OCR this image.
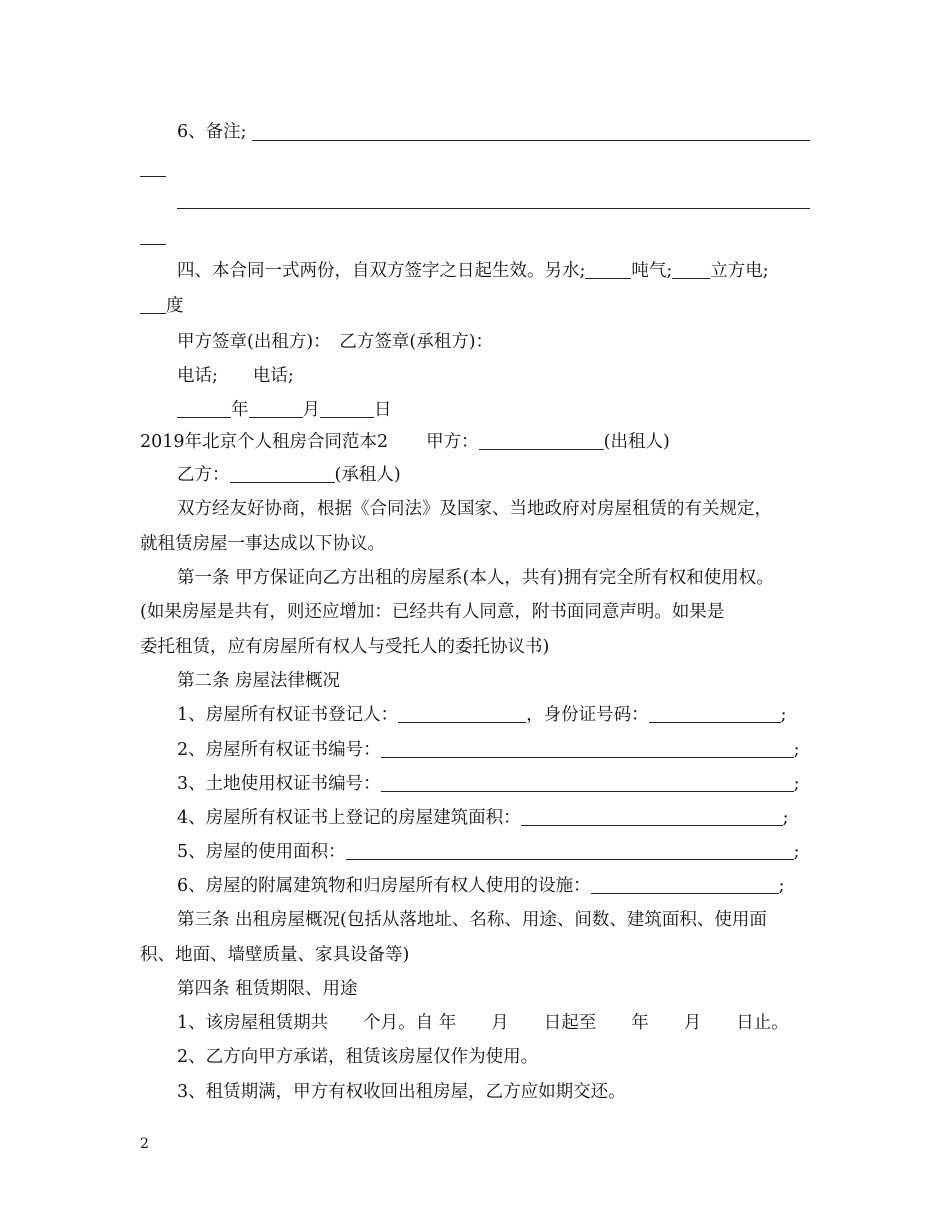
6、备注;
四、本合同一式两份，自双方签字之日起生效。另水;	吨气; 立方电;
度
甲方签章(出租方)：　乙方签章(承租方)：
电话;　　电话;
年	月	日
2019年北京个人租房合同范本2 甲方：	(出租人)
乙方：	(承租人)
双方经友好协商，根据《合同法》及国家、当地政府对房屋租赁的有关规定，
就租赁房屋一事达成以下协议。
第一条 甲方保证向乙方出租的房屋系(本人，共有)拥有完全所有权和使用权。
(如果房屋是共有，则还应增加：已经共有人同意，附书面同意声明。如果是
委托租赁，应有房屋所有权人与受托人的委托协议书)
第二条 房屋法律概况
1、房屋所有权证书登记人：	，身份证号码：	;
2、房屋所有权证书编号：	;
3、土地使用权证书编号：	;
4、房屋所有权证书上登记的房屋建筑面积：	;
5、房屋的使用面积：	;
6、房屋的附属建筑物和归房屋所有权人使用的设施：	;
第三条 出租房屋概况(包括从落地址、名称、用途、间数、建筑面积、使用面
积、地面、墙壁质量、家具设备等)
第四条 租赁期限、用途
1、该房屋租赁期共　　个月。自 年　　月　　日起至　　年　　月　　日止。
2、乙方向甲方承诺，租赁该房屋仅作为使用。
3、租赁期满，甲方有权收回出租房屋，乙方应如期交还。
2
